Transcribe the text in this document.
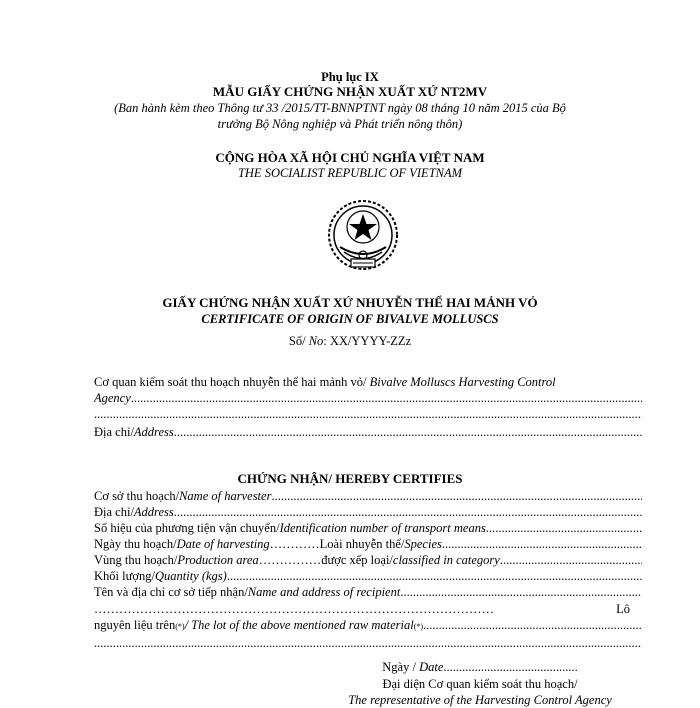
Phụ lục IX
MẪU GIẤY CHỨNG NHẬN XUẤT XỨ NT2MV
(Ban hành kèm theo Thông tư 33 /2015/TT-BNNPTNT ngày 08 tháng 10 năm 2015 của Bộ
trưởng Bộ Nông nghiệp và Phát triển nông thôn)
CỘNG HÒA XÃ HỘI CHỦ NGHĨA VIỆT NAM
THE SOCIALIST REPUBLIC OF VIETNAM
GIẤY CHỨNG NHẬN XUẤT XỨ NHUYỄN THỂ HAI MẢNH VỎ
CERTIFICATE OF ORIGIN OF BIVALVE MOLLUSCS
Số/ No: XX/YYYY-ZZz
Cơ quan kiểm soát thu hoạch nhuyễn thể hai mảnh vỏ/ Bivalve Molluscs Harvesting Control
Agency
.....
.....
Địa chỉ/ Address
.....
CHỨNG NHẬN/ HEREBY CERTIFIES
Cơ sở thu hoạch/ Name of harvester
.....
Địa chỉ/ Address
.....
Số hiệu của phương tiện vận chuyển/ Identification number of transport means
.....
Ngày thu hoạch/ Date of harvesting ………… Loài nhuyễn thể/ Species
.....
Vùng thu hoạch/ Production area …………… được xếp loại/ classified in category
.....
Khối lượng/ Quantity (kgs)
.....
Tên và địa chỉ cơ sở tiếp nhận/ Name and address of recipient
.....
……………………………………………………………………………………	Lô
nguyên liệu trên (*) / The lot of the above mentioned raw material (*)
.....
.....
Ngày / Date...........................................
Đại diện Cơ quan kiểm soát thu hoạch/
The representative of the Harvesting Control Agency
